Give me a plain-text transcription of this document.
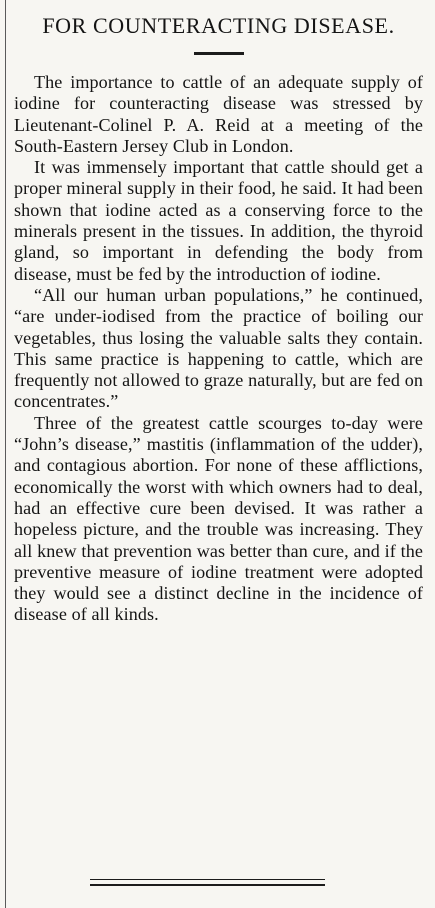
FOR COUNTERACTING DISEASE.

The importance to cattle of an adequate supply of iodine for counteracting disease was stressed by Lieutenant-Colinel P. A. Reid at a meeting of the South-Eastern Jersey Club in London.

It was immensely important that cattle should get a proper mineral supply in their food, he said. It had been shown that iodine acted as a conserving force to the minerals present in the tissues. In addition, the thyroid gland, so important in defending the body from disease, must be fed by the introduction of iodine.

“All our human urban populations,” he continued, “are under-iodised from the practice of boiling our vegetables, thus losing the valuable salts they contain. This same practice is happening to cattle, which are frequently not allowed to graze naturally, but are fed on concentrates.”

Three of the greatest cattle scourges to-day were “John’s disease,” mastitis (inflammation of the udder), and contagious abortion. For none of these afflictions, economically the worst with which owners had to deal, had an effective cure been devised. It was rather a hopeless picture, and the trouble was increasing. They all knew that prevention was better than cure, and if the preventive measure of iodine treatment were adopted they would see a distinct decline in the incidence of disease of all kinds.
